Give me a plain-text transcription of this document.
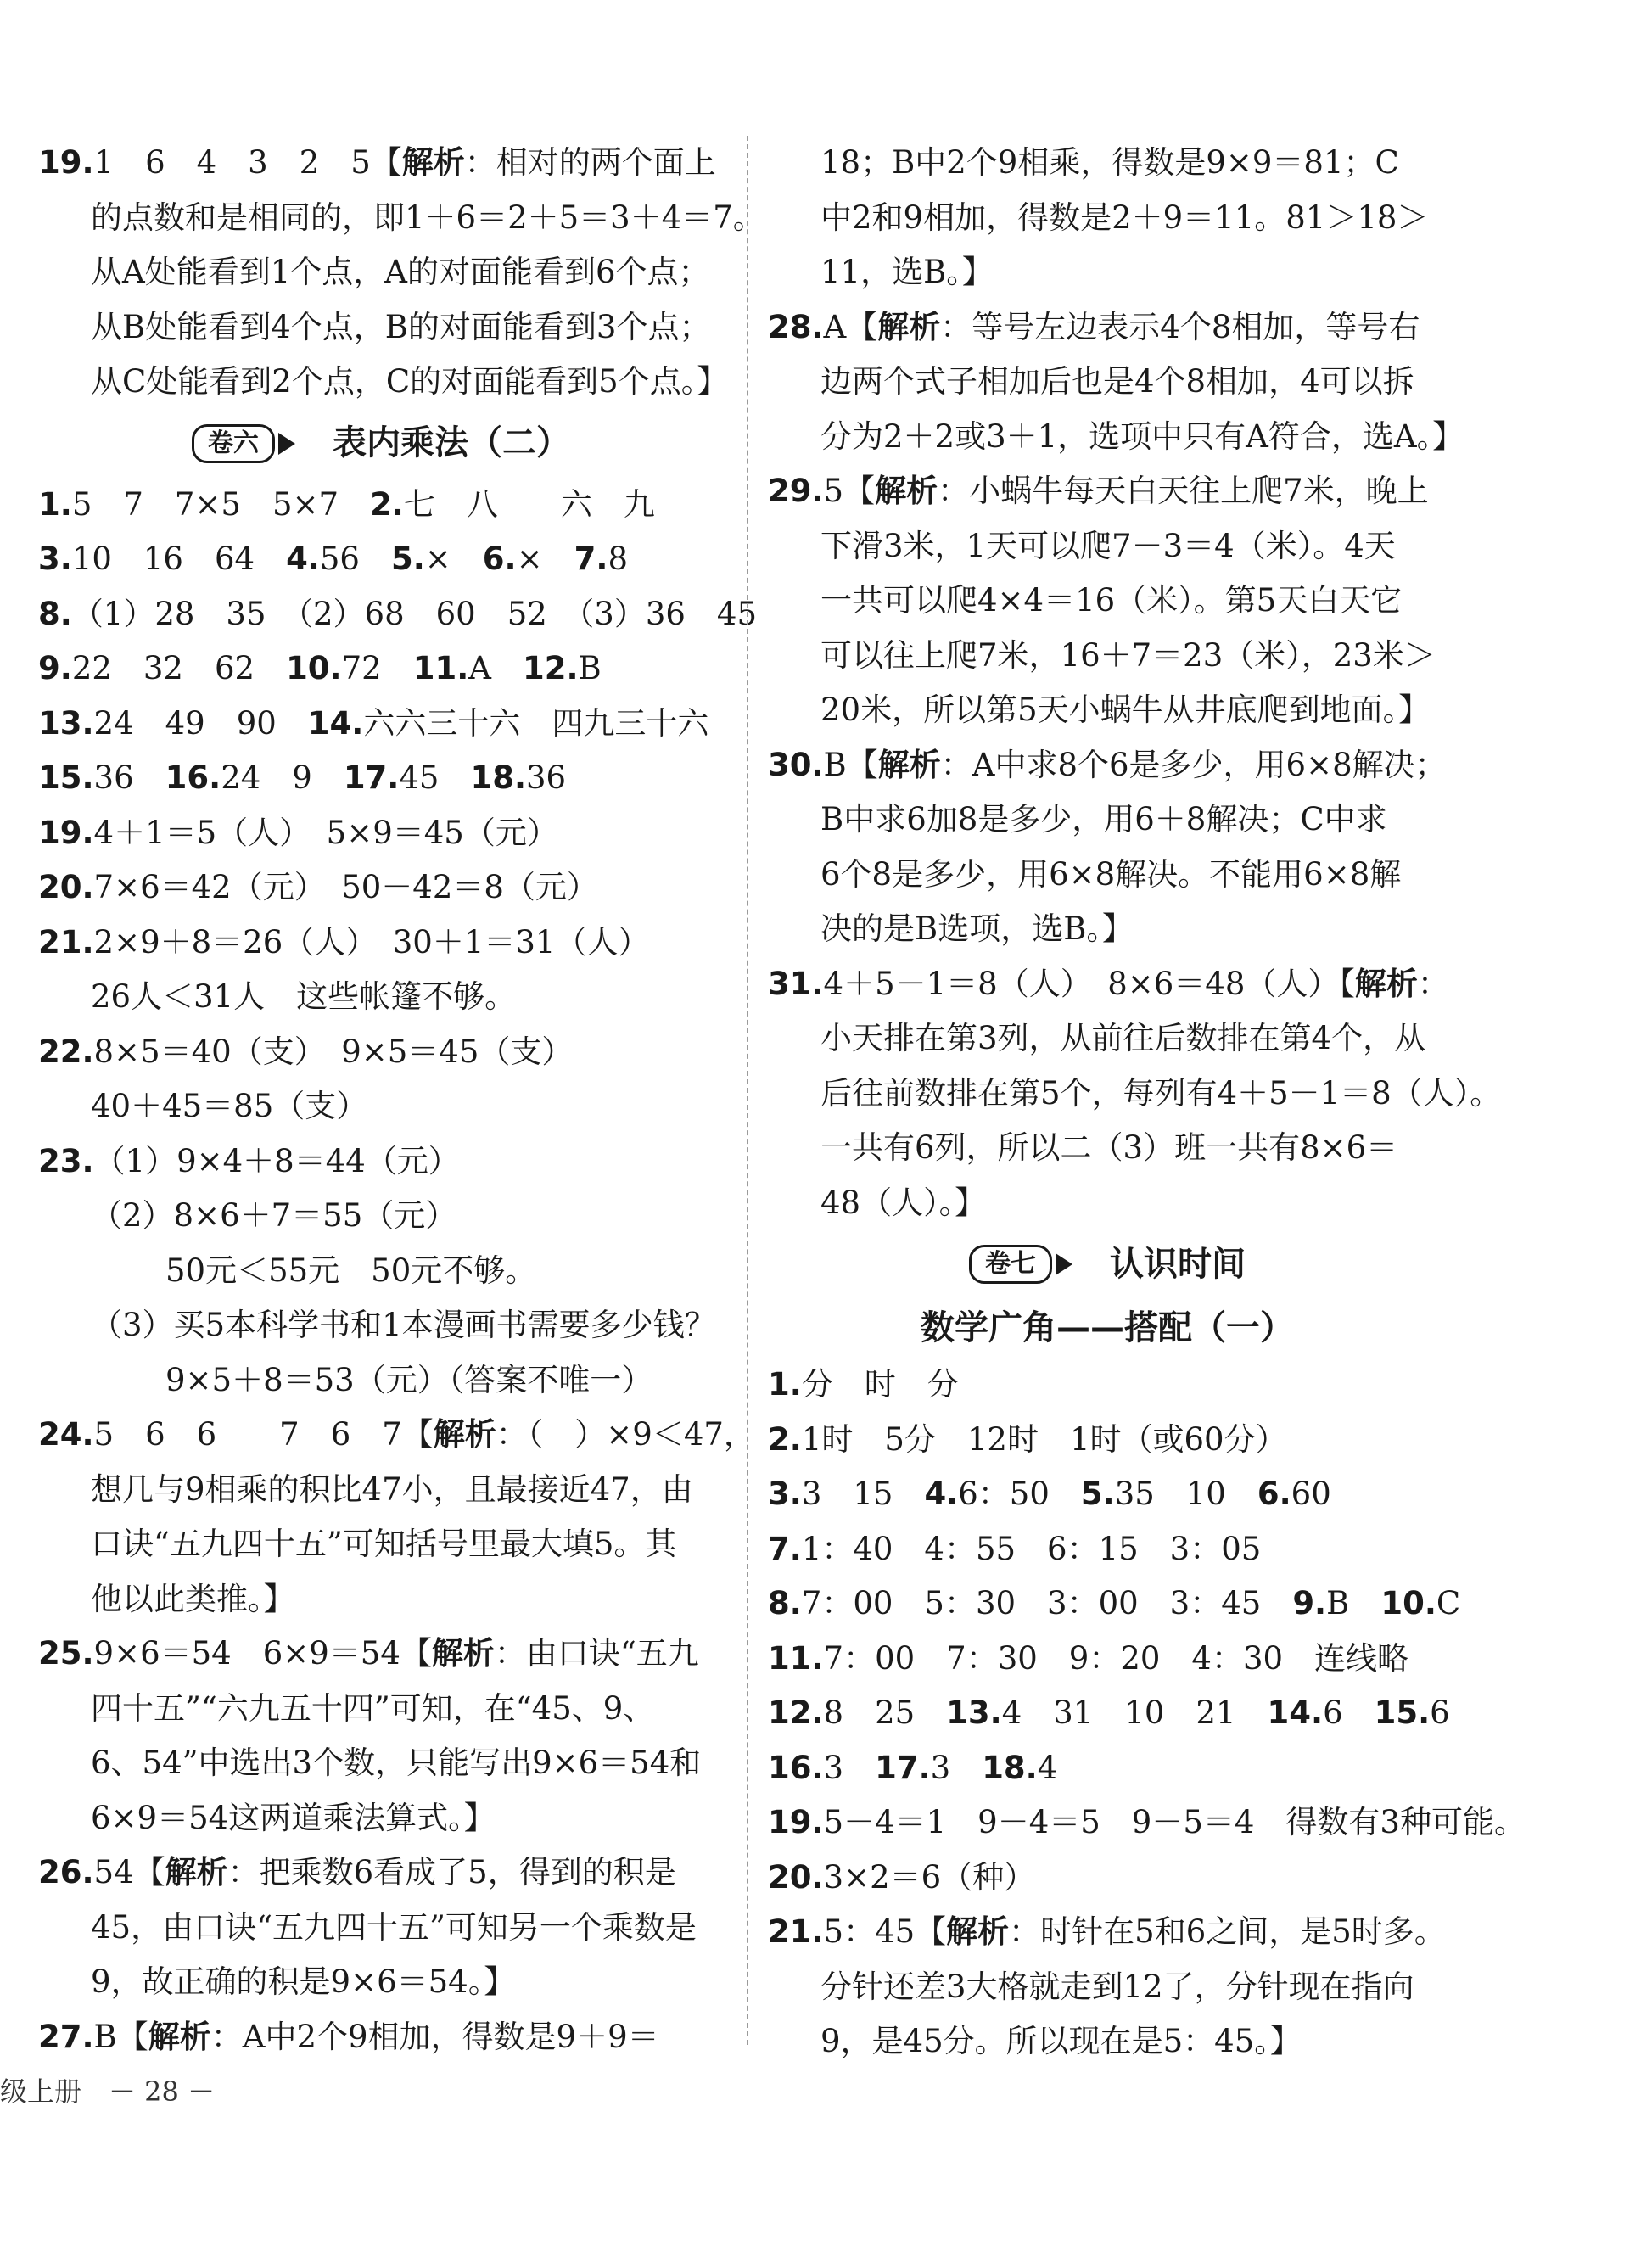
19.1　6　4　3　2　5【解析：相对的两个面上
的点数和是相同的，即1＋6＝2＋5＝3＋4＝7。
从A处能看到1个点，A的对面能看到6个点；
从B处能看到4个点，B的对面能看到3个点；
从C处能看到2个点，C的对面能看到5个点。】
卷六	表内乘法（二）
1.5　7　7×5　5×7　2.七　八　　六　九
3.10　16　64　4.56　5.×　6.×　7.8
8.（1）28　35　（2）68　60　52　（3）36　45
9.22　32　62　10.72　11.A　12.B
13.24　49　90　14.六六三十六　四九三十六
15.36　16.24　9　17.45　18.36
19.4＋1＝5（人）　5×9＝45（元）
20.7×6＝42（元）　50－42＝8（元）
21.2×9＋8＝26（人）　30＋1＝31（人）
26人＜31人　这些帐篷不够。
22.8×5＝40（支）　9×5＝45（支）
40＋45＝85（支）
23.（1）9×4＋8＝44（元）
（2）8×6＋7＝55（元）
50元＜55元　50元不够。
（3）买5本科学书和1本漫画书需要多少钱？
9×5＋8＝53（元）（答案不唯一）
24.5　6　6　　7　6　7【解析：（　）×9＜47，
想几与9相乘的积比47小，且最接近47，由
口诀“五九四十五”可知括号里最大填5。其
他以此类推。】
25.9×6＝54　6×9＝54【解析：由口诀“五九
四十五”“六九五十四”可知，在“45、9、
6、54”中选出3个数，只能写出9×6＝54和
6×9＝54这两道乘法算式。】
26.54【解析：把乘数6看成了5，得到的积是
45，由口诀“五九四十五”可知另一个乘数是
9，故正确的积是9×6＝54。】
27.B【解析：A中2个9相加，得数是9＋9＝
18；B中2个9相乘，得数是9×9＝81；C
中2和9相加，得数是2＋9＝11。81＞18＞
11，选B。】
28.A【解析：等号左边表示4个8相加，等号右
边两个式子相加后也是4个8相加，4可以拆
分为2＋2或3＋1，选项中只有A符合，选A。】
29.5【解析：小蜗牛每天白天往上爬7米，晚上
下滑3米，1天可以爬7－3＝4（米）。4天
一共可以爬4×4＝16（米）。第5天白天它
可以往上爬7米，16＋7＝23（米），23米＞
20米，所以第5天小蜗牛从井底爬到地面。】
30.B【解析：A中求8个6是多少，用6×8解决；
B中求6加8是多少，用6＋8解决；C中求
6个8是多少，用6×8解决。不能用6×8解
决的是B选项，选B。】
31.4＋5－1＝8（人）　8×6＝48（人）【解析：
小天排在第3列，从前往后数排在第4个，从
后往前数排在第5个，每列有4＋5－1＝8（人）。
一共有6列，所以二（3）班一共有8×6＝
48（人）。】
卷七	认识时间
数学广角——搭配（一）
1.分　时　分
2.1时　5分　12时　1时（或60分）
3.3　15　4.6：50　5.35　10　6.60
7.1：40　4：55　6：15　3：05
8.7：00　5：30　3：00　3：45　9.B　10.C
11.7：00　7：30　9：20　4：30　连线略
12.8　25　13.4　31　10　21　14.6　15.6
16.3　17.3　18.4
19.5－4＝1　9－4＝5　9－5＝4　得数有3种可能。
20.3×2＝6（种）
21.5：45【解析：时针在5和6之间，是5时多。
分针还差3大格就走到12了，分针现在指向
9，是45分。所以现在是5：45。】
级上册　－ 28 －
